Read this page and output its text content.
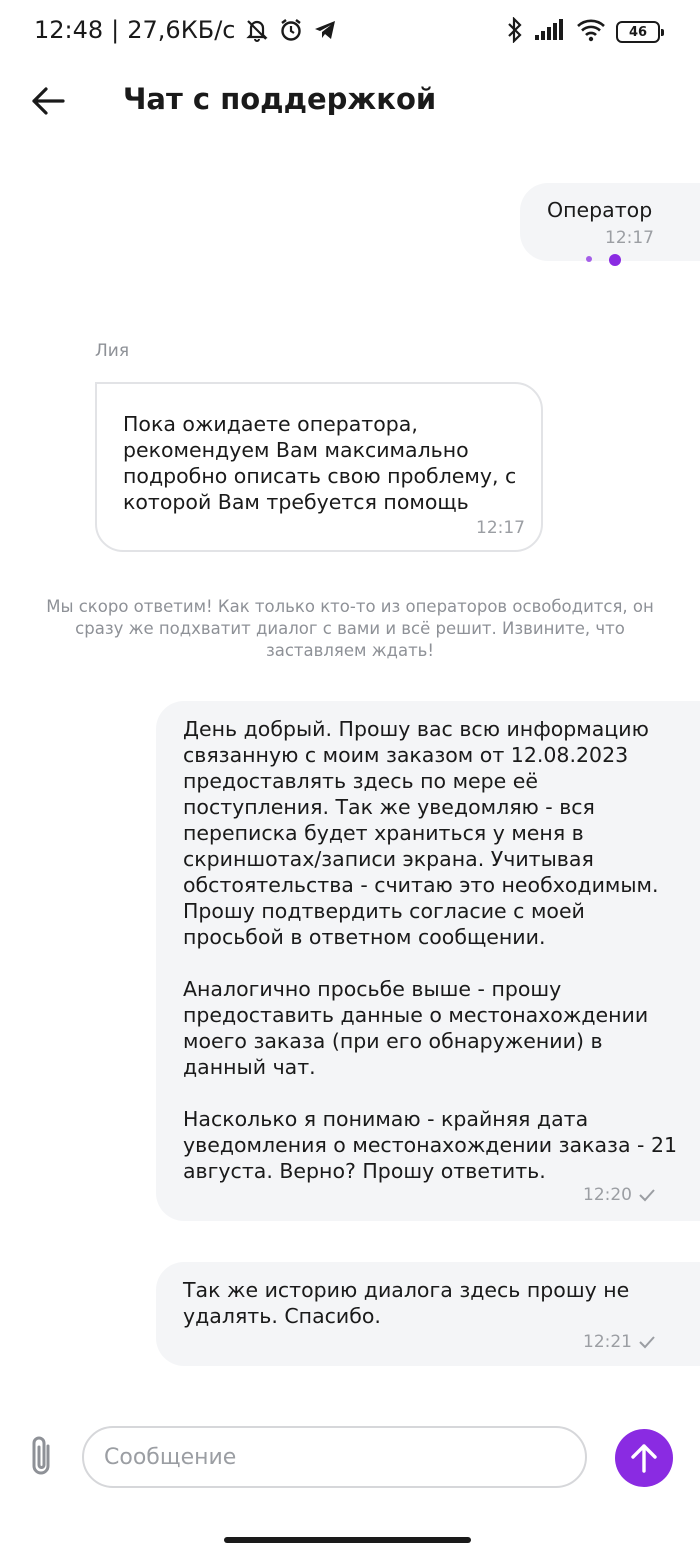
12:48 | 27,6КБ/с	46
Чат с поддержкой
Оператор
12:17
Лия
Пока ожидаете оператора,
рекомендуем Вам максимально
подробно описать свою проблему, с
которой Вам требуется помощь
12:17
Мы скоро ответим! Как только кто-то из операторов освободится, он сразу же подхватит диалог с вами и всё решит. Извините, что заставляем ждать!
День добрый. Прошу вас всю информацию
связанную с моим заказом от 12.08.2023
предоставлять здесь по мере её
поступления. Так же уведомляю - вся
переписка будет храниться у меня в
скриншотах/записи экрана. Учитывая
обстоятельства - считаю это необходимым.
Прошу подтвердить согласие с моей
просьбой в ответном сообщении.

Аналогично просьбе выше - прошу
предоставить данные о местонахождении
моего заказа (при его обнаружении) в
данный чат.

Насколько я понимаю - крайняя дата
уведомления о местонахождении заказа - 21
августа. Верно? Прошу ответить.
12:20
Так же историю диалога здесь прошу не
удалять. Спасибо.
12:21
Сообщение
